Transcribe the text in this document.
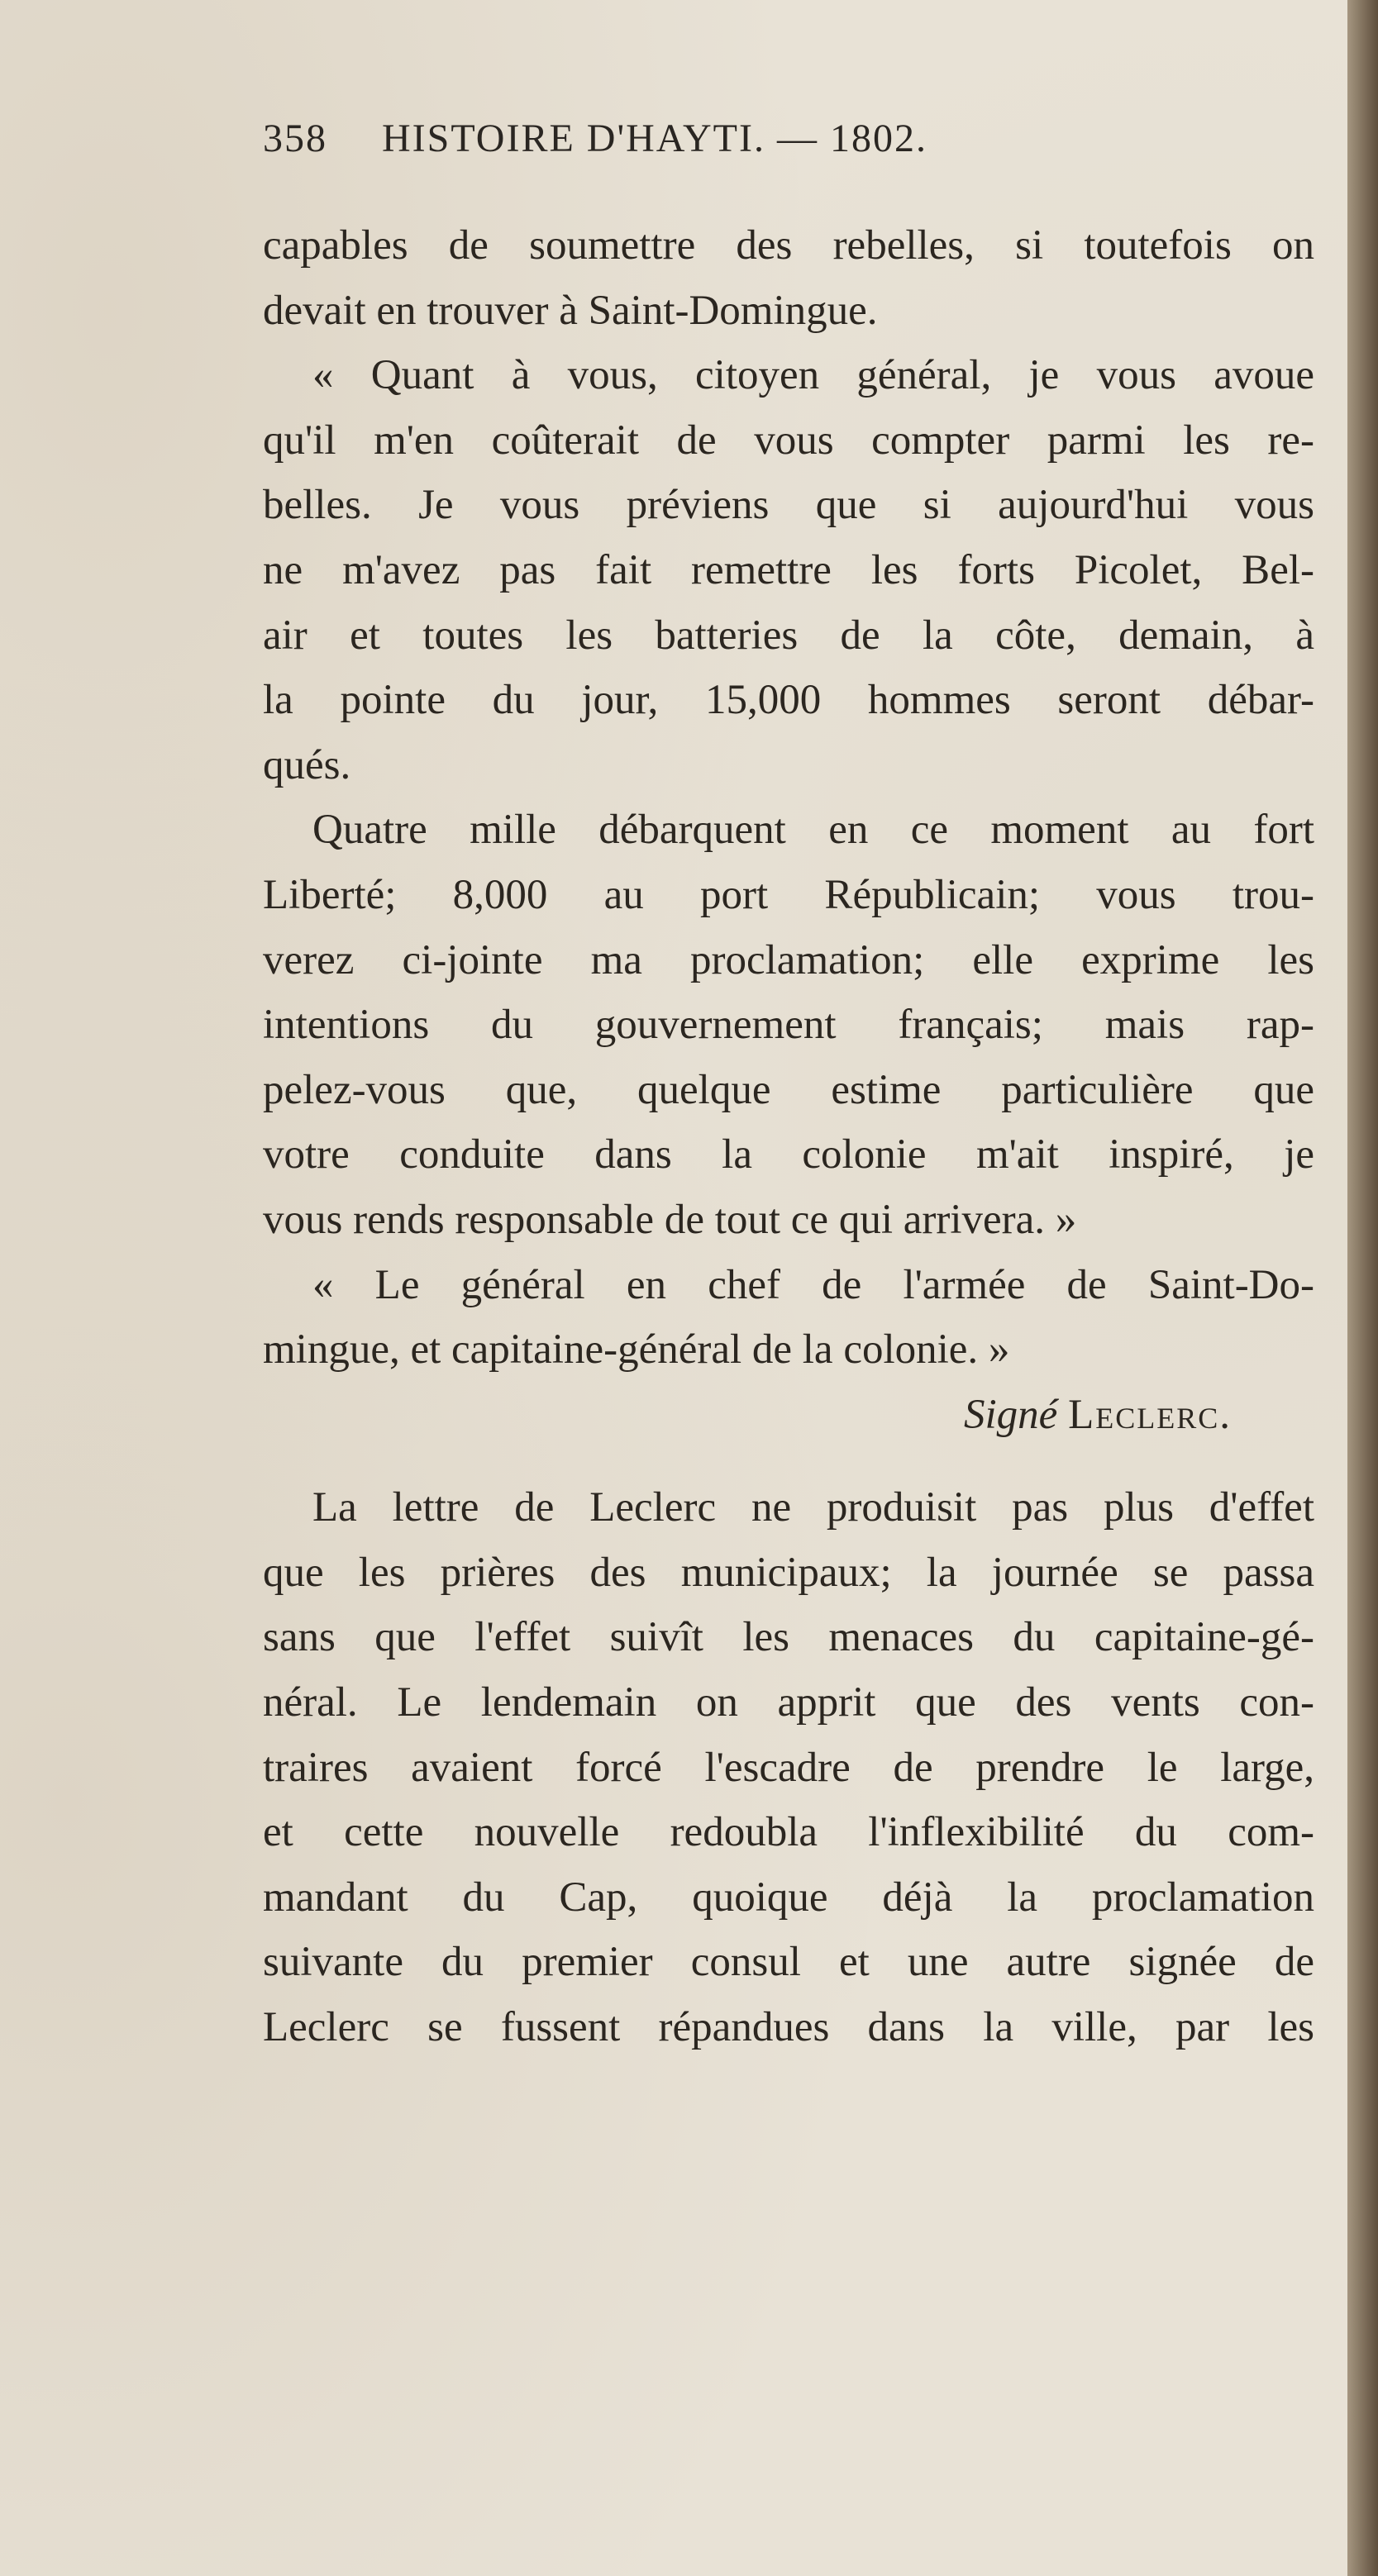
358 HISTOIRE D'HAYTI. — 1802.
capables de soumettre des rebelles, si toutefois on
devait en trouver à Saint-Domingue.
« Quant à vous, citoyen général, je vous avoue
qu'il m'en coûterait de vous compter parmi les re-
belles. Je vous préviens que si aujourd'hui vous
ne m'avez pas fait remettre les forts Picolet, Bel-
air et toutes les batteries de la côte, demain, à
la pointe du jour, 15,000 hommes seront débar-
qués.
Quatre mille débarquent en ce moment au fort
Liberté; 8,000 au port Républicain; vous trou-
verez ci-jointe ma proclamation; elle exprime les
intentions du gouvernement français; mais rap-
pelez-vous que, quelque estime particulière que
votre conduite dans la colonie m'ait inspiré, je
vous rends responsable de tout ce qui arrivera. »
« Le général en chef de l'armée de Saint-Do-
mingue, et capitaine-général de la colonie. »
Signé Leclerc.
La lettre de Leclerc ne produisit pas plus d'effet
que les prières des municipaux; la journée se passa
sans que l'effet suivît les menaces du capitaine-gé-
néral. Le lendemain on apprit que des vents con-
traires avaient forcé l'escadre de prendre le large,
et cette nouvelle redoubla l'inflexibilité du com-
mandant du Cap, quoique déjà la proclamation
suivante du premier consul et une autre signée de
Leclerc se fussent répandues dans la ville, par les
